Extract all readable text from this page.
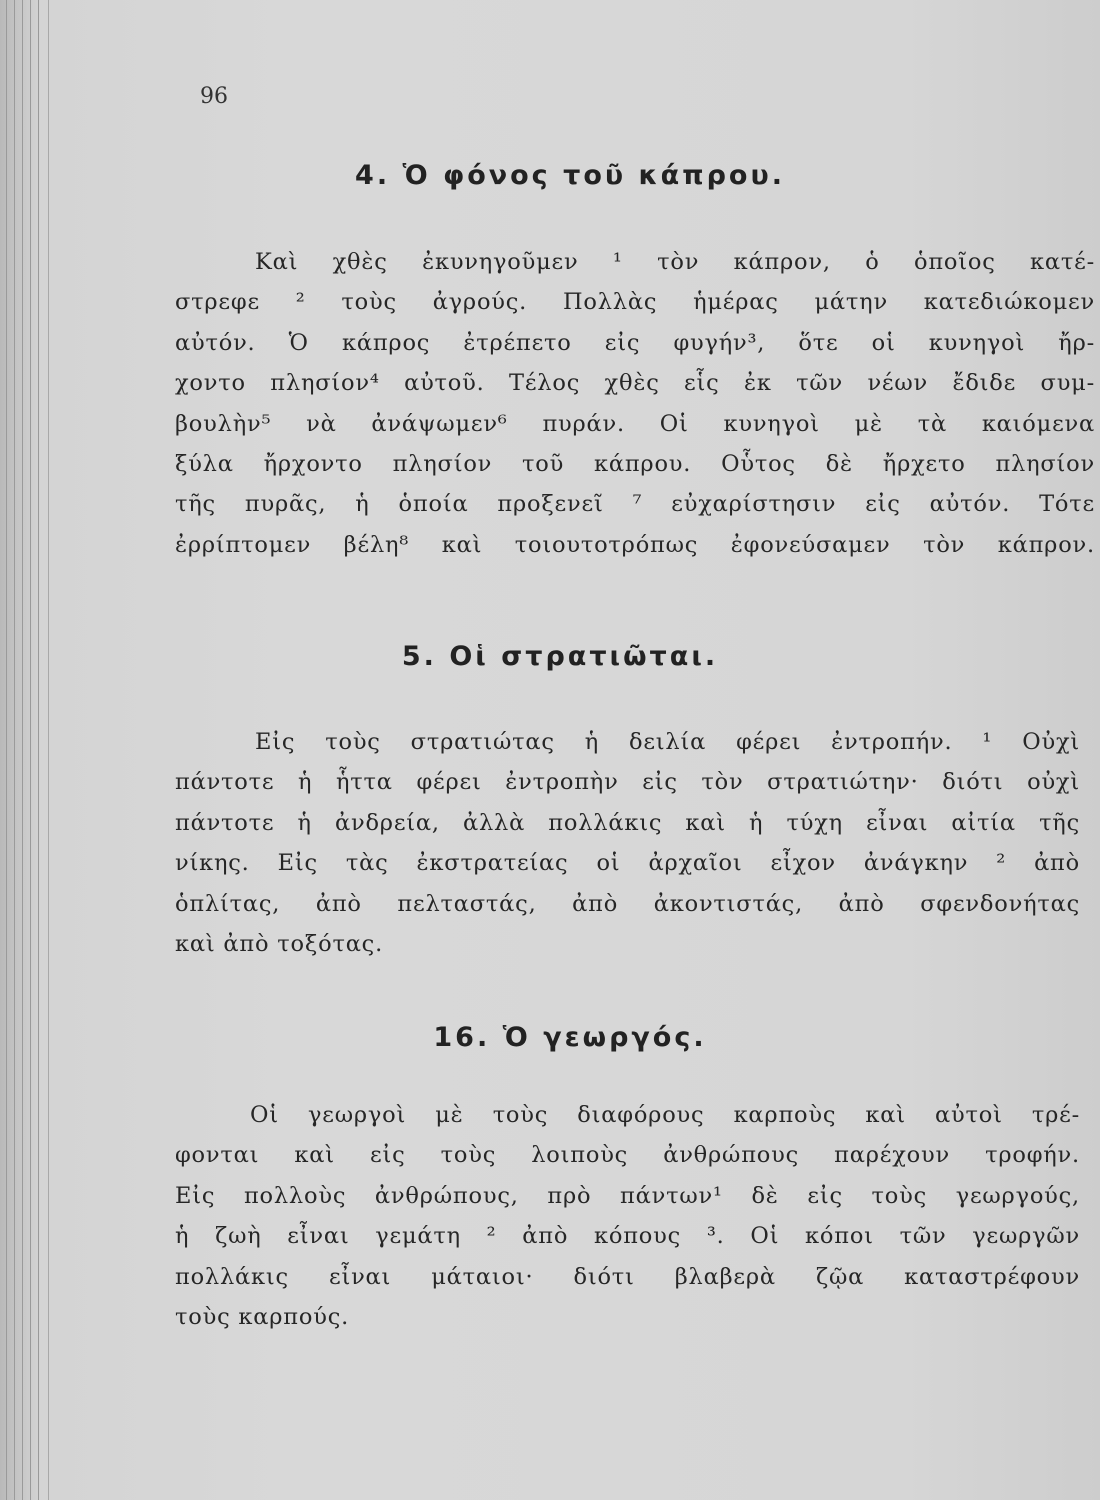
96
4. Ὁ φόνος τοῦ κάπρου.
Καὶ χθὲς ἐκυνηγοῦμεν ¹ τὸν κάπρον, ὁ ὁποῖος κατέ-
στρεφε ² τοὺς ἀγρούς. Πολλὰς ἡμέρας μάτην κατεδιώκομεν
αὐτόν. Ὁ κάπρος ἐτρέπετο εἰς φυγήν³, ὅτε οἱ κυνηγοὶ ἤρ-
χοντο πλησίον⁴ αὐτοῦ. Τέλος χθὲς εἷς ἐκ τῶν νέων ἔδιδε συμ-
βουλὴν⁵ νὰ ἀνάψωμεν⁶ πυράν. Οἱ κυνηγοὶ μὲ τὰ καιόμενα
ξύλα ἤρχοντο πλησίον τοῦ κάπρου. Οὗτος δὲ ἤρχετο πλησίον
τῆς πυρᾶς, ἡ ὁποία προξενεῖ ⁷ εὐχαρίστησιν εἰς αὐτόν. Τότε
ἐρρίπτομεν βέλη⁸ καὶ τοιουτοτρόπως ἐφονεύσαμεν τὸν κάπρον.
5. Οἱ στρατιῶται.
Εἰς τοὺς στρατιώτας ἡ δειλία φέρει ἐντροπήν. ¹ Οὐχὶ
πάντοτε ἡ ἧττα φέρει ἐντροπὴν εἰς τὸν στρατιώτην· διότι οὐχὶ
πάντοτε ἡ ἀνδρεία, ἀλλὰ πολλάκις καὶ ἡ τύχη εἶναι αἰτία τῆς
νίκης. Εἰς τὰς ἐκστρατείας οἱ ἀρχαῖοι εἶχον ἀνάγκην ² ἀπὸ
ὁπλίτας, ἀπὸ πελταστάς, ἀπὸ ἀκοντιστάς, ἀπὸ σφενδονήτας
καὶ ἀπὸ τοξότας.
16. Ὁ γεωργός.
Οἱ γεωργοὶ μὲ τοὺς διαφόρους καρποὺς καὶ αὐτοὶ τρέ-
φονται καὶ εἰς τοὺς λοιποὺς ἀνθρώπους παρέχουν τροφήν.
Εἰς πολλοὺς ἀνθρώπους, πρὸ πάντων¹ δὲ εἰς τοὺς γεωργούς,
ἡ ζωὴ εἶναι γεμάτη ² ἀπὸ κόπους ³. Οἱ κόποι τῶν γεωργῶν
πολλάκις εἶναι μάταιοι· διότι βλαβερὰ ζῷα καταστρέφουν
τοὺς καρπούς.
